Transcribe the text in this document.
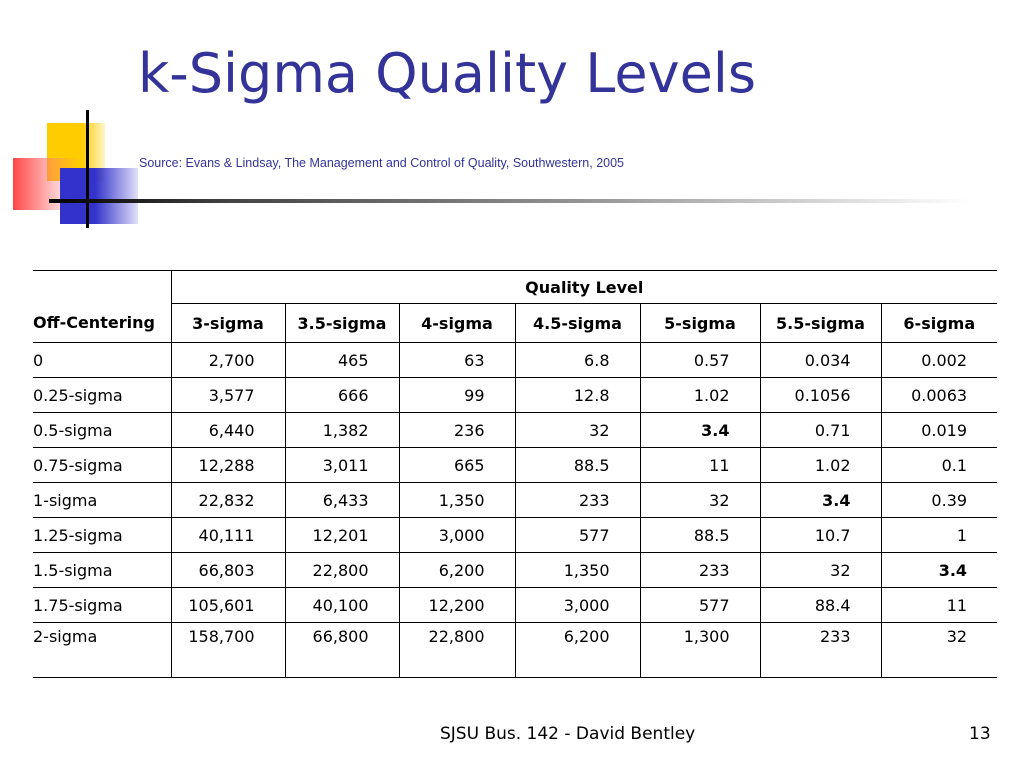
k-Sigma Quality Levels
Source: Evans & Lindsay, The Management and Control of Quality, Southwestern, 2005
	Quality Level						
Off-Centering	3-sigma	3.5-sigma	4-sigma	4.5-sigma	5-sigma	5.5-sigma	6-sigma
0	2,700	465	63	6.8	0.57	0.034	0.002
0.25-sigma	3,577	666	99	12.8	1.02	0.1056	0.0063
0.5-sigma	6,440	1,382	236	32	3.4	0.71	0.019
0.75-sigma	12,288	3,011	665	88.5	11	1.02	0.1
1-sigma	22,832	6,433	1,350	233	32	3.4	0.39
1.25-sigma	40,111	12,201	3,000	577	88.5	10.7	1
1.5-sigma	66,803	22,800	6,200	1,350	233	32	3.4
1.75-sigma	105,601	40,100	12,200	3,000	577	88.4	11
2-sigma	158,700	66,800	22,800	6,200	1,300	233	32
SJSU Bus. 142 - David Bentley	13
